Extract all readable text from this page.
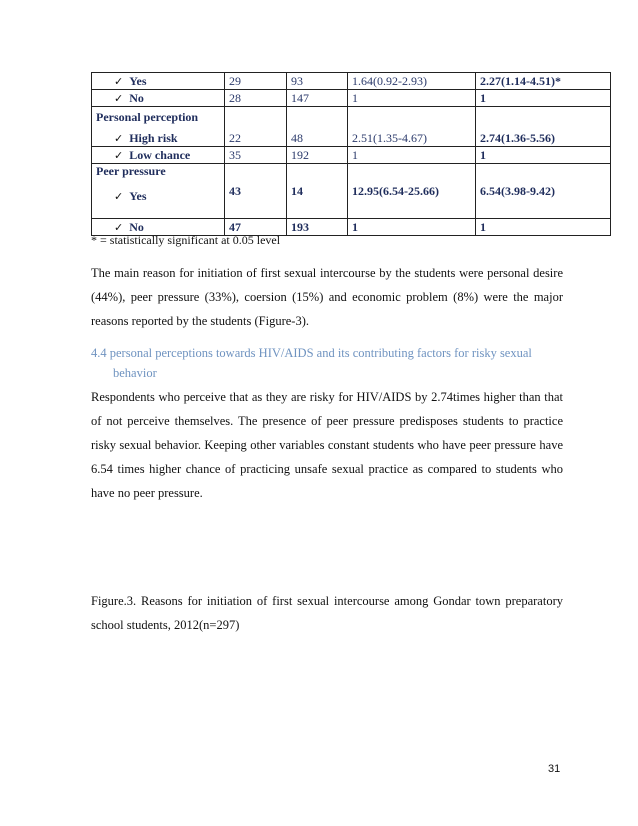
✓ Yes	29	93	1.64(0.92-2.93)	2.27(1.14-4.51)*
✓ No	28	147	1	1

Personal perception
✓ High risk	22	48	2.51(1.35-4.67)	2.74(1.36-5.56)
✓ Low chance	35	192	1	1

Peer pressure
✓ Yes	43	14	12.95(6.54-25.66)	6.54(3.98-9.42)
✓ No	47	193	1	1
* = statistically significant at 0.05 level

The main reason for initiation of first sexual intercourse by the students were personal desire (44%), peer pressure (33%), coersion (15%) and economic problem (8%) were the major reasons reported by the students (Figure-3).

4.4 personal perceptions towards HIV/AIDS and its contributing factors for risky sexual
behavior

Respondents who perceive that as they are risky for HIV/AIDS by 2.74times higher than that of not perceive themselves. The presence of peer pressure predisposes students to practice risky sexual behavior. Keeping other variables constant students who have peer pressure have 6.54 times higher chance of practicing unsafe sexual practice as compared to students who have no peer pressure.

Figure.3. Reasons for initiation of first sexual intercourse among Gondar town preparatory school students, 2012(n=297)

31
